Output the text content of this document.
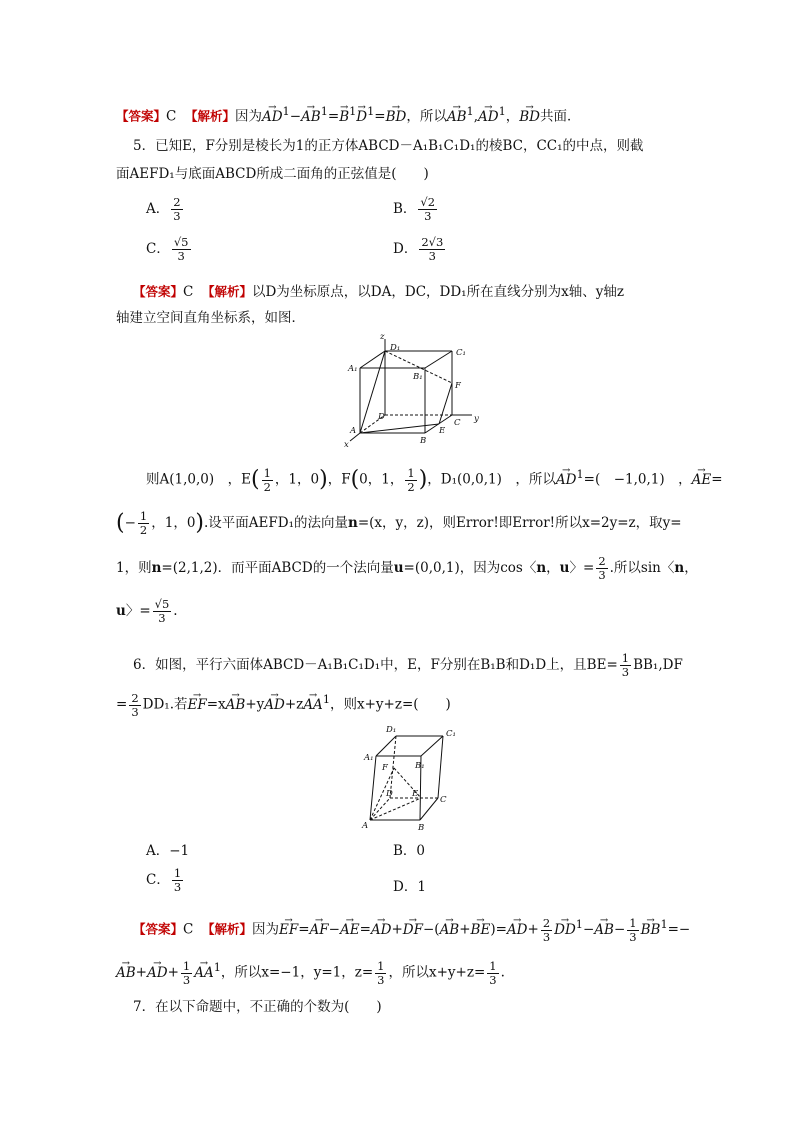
【答案】C 【解析】因为→ $AD^1-\to AB^1=\to B^1\to D^1=\to$ BD，所以→ $AB^1,\to AD^1$，→ BD共面．
5．已知E，F分别是棱长为1的正方体ABCD－A₁B₁C₁D₁的棱BC，CC₁的中点，则截
面AEFD₁与底面ABCD所成二面角的正弦值是(　　)
A． $\frac{2}{3}$	B． $\frac{√2}{3}$
C． $\frac{√5}{3}$	D． $\frac{2√3}{3}$
【答案】C 【解析】以D为坐标原点，以DA，DC，DD₁所在直线分别为x轴、y轴z
轴建立空间直角坐标系，如图．
z
D₁	C₁
A₁
B₁
F
D
A
B
E
C y
x
则A(1,0,0)　，$E( \frac{1}{2}$ ，1，0)，F(0，1， $\frac{1}{2}$ )，D₁(0,0,1)　，所以→ $AD^1=$(　−1,0,1)　，→ AE=
(− $\frac{1}{2}$ ，1，0).设平面AEFD₁的法向量n=(x，y，z)，则Error!即Error!所以x=2y=z，取y=
1，则n=(2,1,2)．而平面ABCD的一个法向量u=(0,0,1)，因为cos〈n，u〉= $\frac{2}{3}$ .所以sin〈n，
u〉= $\frac{√5}{3}$ .
6．如图，平行六面体ABCD－A₁B₁C₁D₁中，E，F分别在B₁B和D₁D上，且$BE= \frac{1}{3} BB_1,DF$
= $\frac{2}{3} DD_1$.若→ $EF=x\to AB+y\to AD+z\to AA^1$，则x+y+z=(　　)
D₁	C₁
A₁
B₁
F
D E
C
A	B
A．−1	B．0
C． $\frac{1}{3}$	D．1
【答案】C 【解析】因为→ $EF=\to AF-\to AE=\to AD+\to DF-(\to AB+\to BE)=\to AD+ \frac{2}{3}$
→ $DD^1-\to AB- \frac{1}{3}$
→ $BB^1=-$
→ $AB+\to AD+ \frac{1}{3}$
→ $AA^1$，所以x=−1，y=1，$z= \frac{1}{3}$ ，所以$x+y+z= \frac{1}{3}$ .
7．在以下命题中，不正确的个数为(　　)
